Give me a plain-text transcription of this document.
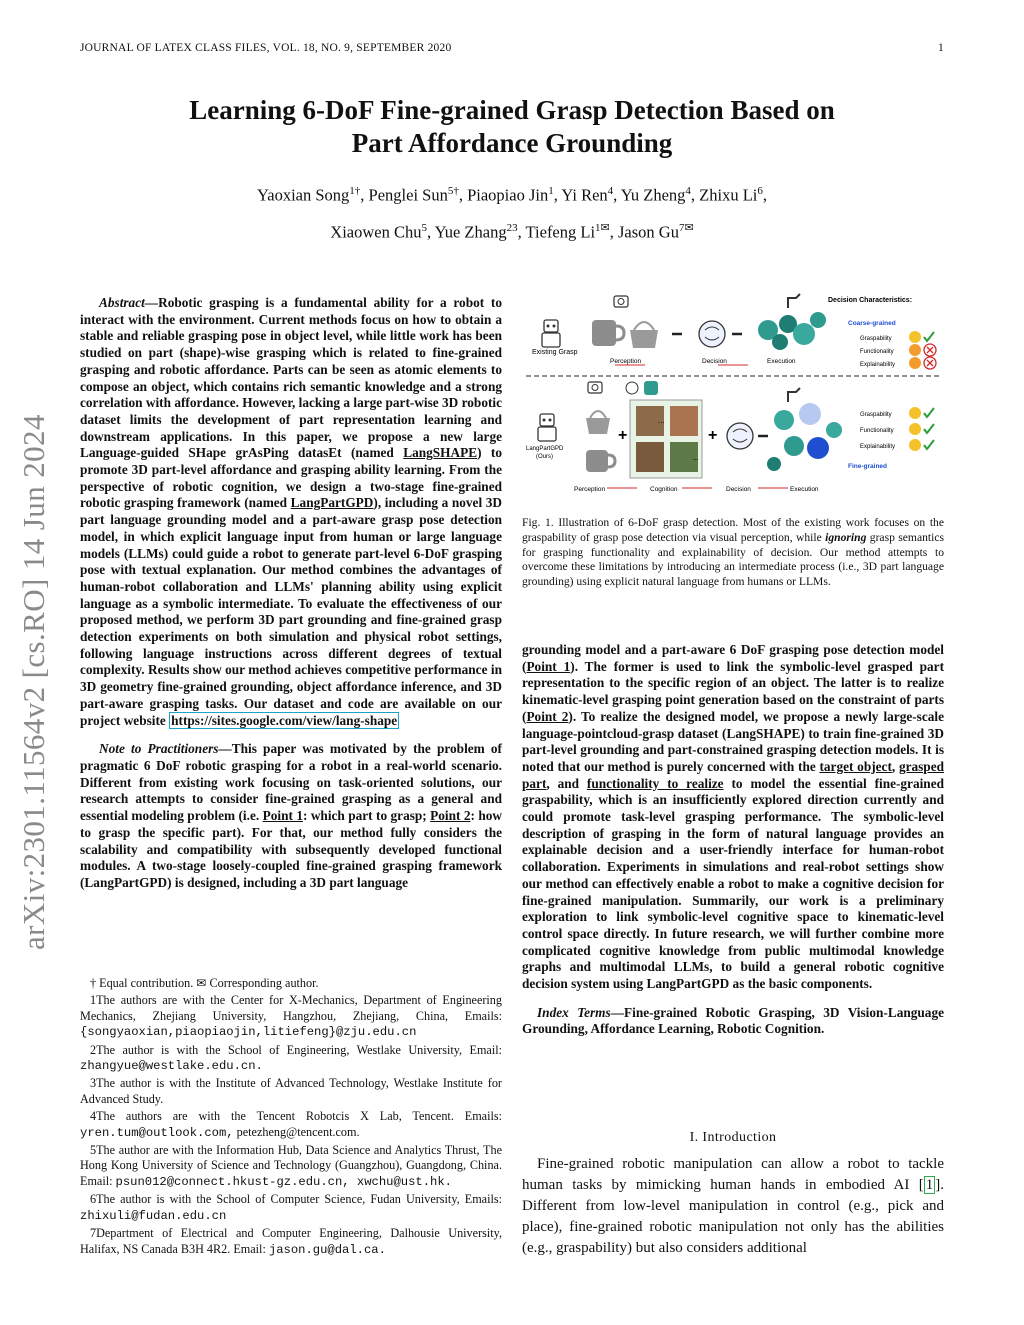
JOURNAL OF LATEX CLASS FILES, VOL. 18, NO. 9, SEPTEMBER 2020	1
arXiv:2301.11564v2 [cs.RO] 14 Jun 2024
Learning 6-DoF Fine-grained Grasp Detection Based on
Part Affordance Grounding
Yaoxian Song$^{1\dagger}$, Penglei Sun$^{5\dagger}$, Piaopiao Jin$^1$, Yi Ren$^4$, Yu Zheng$^4$, Zhixu Li$^6$,
Xiaowen Chu$^5$, Yue Zhang$^{23}$, Tiefeng $Li^{1✉}$, Jason $Gu^{7✉}$

Abstract—Robotic grasping is a fundamental ability for a robot to interact with the environment. Current methods focus on how to obtain a stable and reliable grasping pose in object level, while little work has been studied on part (shape)-wise grasping which is related to fine-grained grasping and robotic affordance. Parts can be seen as atomic elements to compose an object, which contains rich semantic knowledge and a strong correlation with affordance. However, lacking a large part-wise 3D robotic dataset limits the development of part representation learning and downstream applications. In this paper, we propose a new large Language-guided SHape grAsPing datasEt (named LangSHAPE) to promote 3D part-level affordance and grasping ability learning. From the perspective of robotic cognition, we design a two-stage fine-grained robotic grasping framework (named LangPartGPD), including a novel 3D part language grounding model and a part-aware grasp pose detection model, in which explicit language input from human or large language models (LLMs) could guide a robot to generate part-level 6-DoF grasping pose with textual explanation. Our method combines the advantages of human-robot collaboration and LLMs' planning ability using explicit language as a symbolic intermediate. To evaluate the effectiveness of our proposed method, we perform 3D part grounding and fine-grained grasp detection experiments on both simulation and physical robot settings, following language instructions across different degrees of textual complexity. Results show our method achieves competitive performance in 3D geometry fine-grained grounding, object affordance inference, and 3D part-aware grasping tasks. Our dataset and code are available on our project website https://sites.google.com/view/lang-shape

Note to Practitioners—This paper was motivated by the problem of pragmatic 6 DoF robotic grasping for a robot in a real-world scenario. Different from existing work focusing on task-oriented solutions, our research attempts to consider fine-grained grasping as a general and essential modeling problem (i.e. Point 1: which part to grasp; Point 2: how to grasp the specific part). For that, our method fully considers the scalability and compatibility with subsequently developed functional modules. A two-stage loosely-coupled fine-grained grasping framework (LangPartGPD) is designed, including a 3D part language

† Equal contribution. ✉ Corresponding author.

1The authors are with the Center for X-Mechanics, Department of Engineering Mechanics, Zhejiang University, Hangzhou, Zhejiang, China, Emails: {songyaoxian,piaopiaojin,litiefeng}@zju.edu.cn

2The author is with the School of Engineering, Westlake University, Email: zhangyue@westlake.edu.cn.

3The author is with the Institute of Advanced Technology, Westlake Institute for Advanced Study.

4The authors are with the Tencent Robotcis X Lab, Tencent. Emails: yren.tum@outlook.com, petezheng@tencent.com.

5The author are with the Information Hub, Data Science and Analytics Thrust, The Hong Kong University of Science and Technology (Guangzhou), Guangdong, China. Email: psun012@connect.hkust-gz.edu.cn, xwchu@ust.hk.

6The author is with the School of Computer Science, Fudan University, Emails: zhixuli@fudan.edu.cn

7Department of Electrical and Computer Engineering, Dalhousie University, Halifax, NS Canada B3H 4R2. Email: jason.gu@dal.ca.

Existing Grasp
Perception	Decision	Execution
Decision Characteristics:
Coarse-grained
Graspability
Functionality
Explainability
LangPartGPD
(Ours)
Perception
+
...
...
Cognition
+
Decision	Execution
Graspability
Functionality
Explainability
Fine-grained
Fig. 1. Illustration of 6-DoF grasp detection. Most of the existing work focuses on the graspability of grasp pose detection via visual perception, while ignoring grasp semantics for grasping functionality and explainability of decision. Our method attempts to overcome these limitations by introducing an intermediate process (i.e., 3D part language grounding) using explicit natural language from humans or LLMs.

grounding model and a part-aware 6 DoF grasping pose detection model (Point 1). The former is used to link the symbolic-level grasped part representation to the specific region of an object. The latter is to realize kinematic-level grasping point generation based on the constraint of parts (Point 2). To realize the designed model, we propose a newly large-scale language-pointcloud-grasp dataset (LangSHAPE) to train fine-grained 3D part-level grounding and part-constrained grasping detection models. It is noted that our method is purely concerned with the target object, grasped part, and functionality to realize to model the essential fine-grained graspability, which is an insufficiently explored direction currently and could promote task-level grasping performance. The symbolic-level description of grasping in the form of natural language provides an explainable decision and a user-friendly interface for human-robot collaboration. Experiments in simulations and real-robot settings show our method can effectively enable a robot to make a cognitive decision for fine-grained manipulation. Summarily, our work is a preliminary exploration to link symbolic-level cognitive space to kinematic-level control space directly. In future research, we will further combine more complicated cognitive knowledge from public multimodal knowledge graphs and multimodal LLMs, to build a general robotic cognitive decision system using LangPartGPD as the basic components.

Index Terms—Fine-grained Robotic Grasping, 3D Vision-Language Grounding, Affordance Learning, Robotic Cognition.

I. Introduction
Fine-grained robotic manipulation can allow a robot to tackle human tasks by mimicking human hands in embodied AI [ 1 ]. Different from low-level manipulation in control (e.g., pick and place), fine-grained robotic manipulation not only has the abilities (e.g., graspability) but also considers additional
